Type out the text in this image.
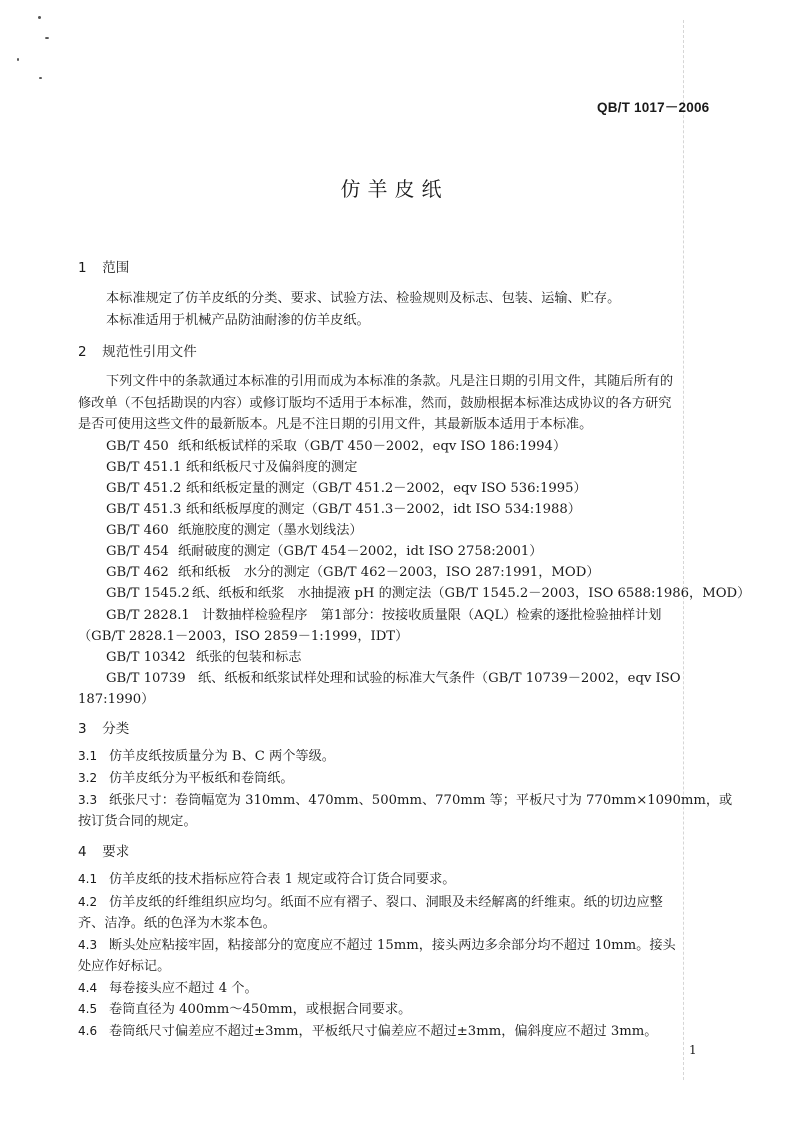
QB/T 1017－2006
仿羊皮纸
1 范围
本标准规定了仿羊皮纸的分类、要求、试验方法、检验规则及标志、包装、运输、贮存。
本标准适用于机械产品防油耐渗的仿羊皮纸。
2 规范性引用文件
下列文件中的条款通过本标准的引用而成为本标准的条款。凡是注日期的引用文件，其随后所有的
修改单（不包括勘误的内容）或修订版均不适用于本标准，然而，鼓励根据本标准达成协议的各方研究
是否可使用这些文件的最新版本。凡是不注日期的引用文件，其最新版本适用于本标准。
GB/T 450 纸和纸板试样的采取（GB/T 450－2002，eqv ISO 186:1994）
GB/T 451.1 纸和纸板尺寸及偏斜度的测定
GB/T 451.2 纸和纸板定量的测定（GB/T 451.2－2002，eqv ISO 536:1995）
GB/T 451.3 纸和纸板厚度的测定（GB/T 451.3－2002，idt ISO 534:1988）
GB/T 460 纸施胶度的测定（墨水划线法）
GB/T 454 纸耐破度的测定（GB/T 454－2002，idt ISO 2758:2001）
GB/T 462 纸和纸板　水分的测定（GB/T 462－2003，ISO 287:1991，MOD）
GB/T 1545.2 纸、纸板和纸浆　水抽提液 pH 的测定法（GB/T 1545.2－2003，ISO 6588:1986，MOD）
GB/T 2828.1 计数抽样检验程序　第1部分：按接收质量限（AQL）检索的逐批检验抽样计划
（GB/T 2828.1－2003，ISO 2859－1:1999，IDT）
GB/T 10342 纸张的包装和标志
GB/T 10739 纸、纸板和纸浆试样处理和试验的标准大气条件（GB/T 10739－2002，eqv ISO
187:1990）
3 分类
3.1 仿羊皮纸按质量分为 B、C 两个等级。
3.2 仿羊皮纸分为平板纸和卷筒纸。
3.3 纸张尺寸：卷筒幅宽为 310mm、470mm、500mm、770mm 等；平板尺寸为 770mm×1090mm，或
按订货合同的规定。
4 要求
4.1 仿羊皮纸的技术指标应符合表 1 规定或符合订货合同要求。
4.2 仿羊皮纸的纤维组织应均匀。纸面不应有褶子、裂口、洞眼及未经解离的纤维束。纸的切边应整
齐、洁净。纸的色泽为木浆本色。
4.3 断头处应粘接牢固，粘接部分的宽度应不超过 15mm，接头两边多余部分均不超过 10mm。接头
处应作好标记。
4.4 每卷接头应不超过 4 个。
4.5 卷筒直径为 400mm～450mm，或根据合同要求。
4.6 卷筒纸尺寸偏差应不超过±3mm，平板纸尺寸偏差应不超过±3mm，偏斜度应不超过 3mm。
1
